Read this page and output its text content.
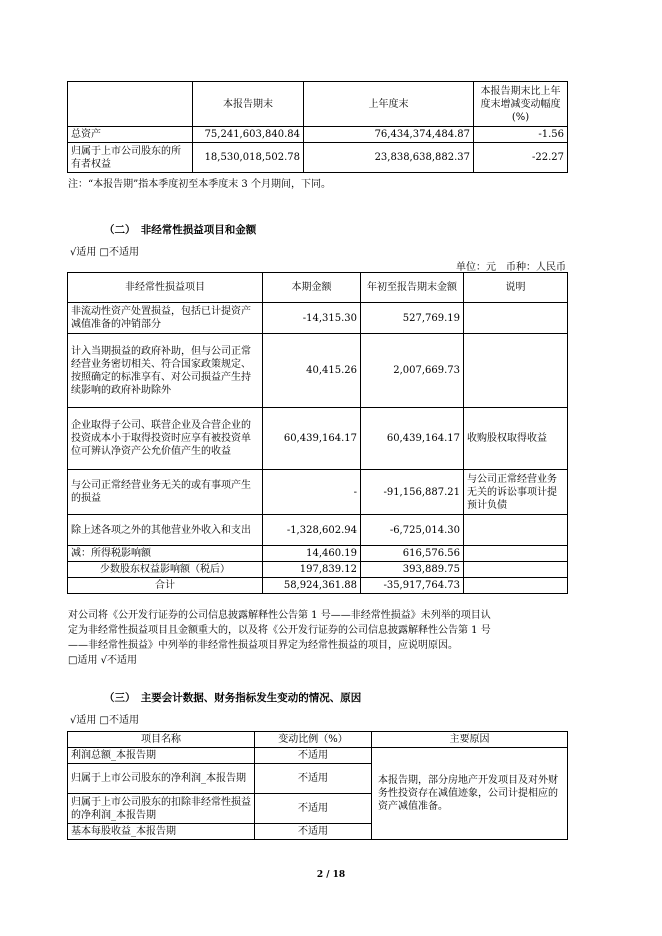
	本报告期末	上年度末	本报告期末比上年度末增减变动幅度(%)
总资产	75,241,603,840.84	76,434,374,484.87	-1.56
归属于上市公司股东的所有者权益	18,530,018,502.78	23,838,638,882.37	-22.27
注：“本报告期”指本季度初至本季度末 3 个月期间，下同。
（二）　非经常性损益项目和金额
√适用 □不适用
单位：元　币种：人民币
非经常性损益项目	本期金额	年初至报告期末金额	说明
非流动性资产处置损益，包括已计提资产减值准备的冲销部分	-14,315.30	527,769.19	
计入当期损益的政府补助，但与公司正常经营业务密切相关、符合国家政策规定、按照确定的标准享有、对公司损益产生持续影响的政府补助除外	40,415.26	2,007,669.73	
企业取得子公司、联营企业及合营企业的投资成本小于取得投资时应享有被投资单位可辨认净资产公允价值产生的收益	60,439,164.17	60,439,164.17	收购股权取得收益
与公司正常经营业务无关的或有事项产生的损益	-	-91,156,887.21	与公司正常经营业务无关的诉讼事项计提预计负债
除上述各项之外的其他营业外收入和支出	-1,328,602.94	-6,725,014.30	
减：所得税影响额	14,460.19	616,576.56	
少数股东权益影响额（税后）	197,839.12	393,889.75	
合计	58,924,361.88	-35,917,764.73	
对公司将《公开发行证券的公司信息披露解释性公告第 1 号——非经常性损益》未列举的项目认
定为非经常性损益项目且金额重大的，以及将《公开发行证券的公司信息披露解释性公告第 1 号
——非经常性损益》中列举的非经常性损益项目界定为经常性损益的项目，应说明原因。
□适用 √不适用
（三）　主要会计数据、财务指标发生变动的情况、原因
√适用 □不适用
项目名称	变动比例（%）	主要原因
利润总额_本报告期	不适用	本报告期，部分房地产开发项目及对外财务性投资存在减值迹象，公司计提相应的资产减值准备。
归属于上市公司股东的净利润_本报告期	不适用	
归属于上市公司股东的扣除非经常性损益的净利润_本报告期	不适用	
基本每股收益_本报告期	不适用	
2 / 18
